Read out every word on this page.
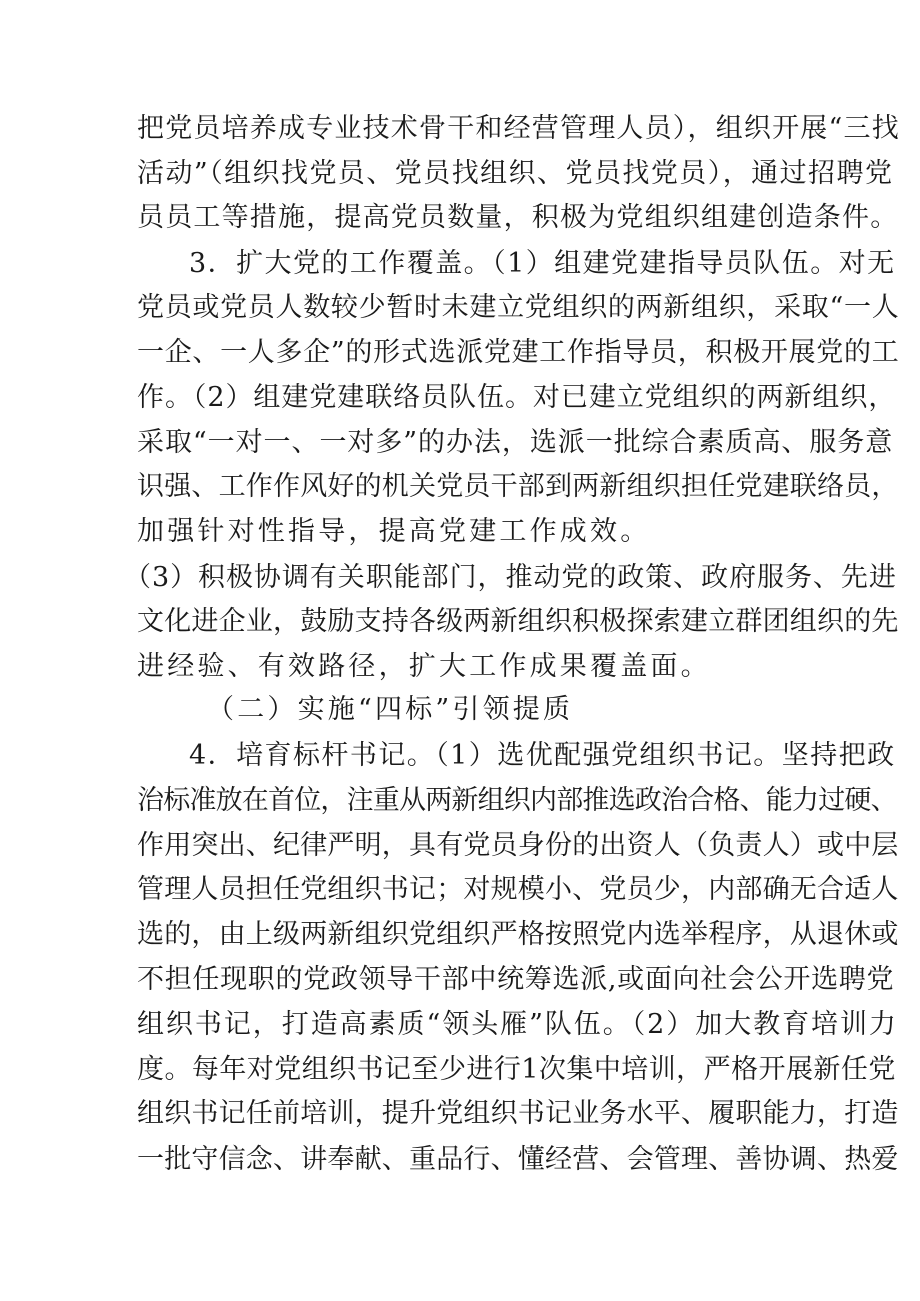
把党员培养成专业技术骨干和经营管理人员），组织开展“三找
活动”（组织找党员、党员找组织、党员找党员），通过招聘党
员员工等措施，提高党员数量，积极为党组织组建创造条件。
3．扩大党的工作覆盖。（1）组建党建指导员队伍。对无
党员或党员人数较少暂时未建立党组织的两新组织，采取“一人
一企、一人多企”的形式选派党建工作指导员，积极开展党的工
作。（2）组建党建联络员队伍。对已建立党组织的两新组织，
采取“一对一、一对多”的办法，选派一批综合素质高、服务意
识强、工作作风好的机关党员干部到两新组织担任党建联络员，
加强针对性指导，提高党建工作成效。
（3）积极协调有关职能部门，推动党的政策、政府服务、先进
文化进企业，鼓励支持各级两新组织积极探索建立群团组织的先
进经验、有效路径，扩大工作成果覆盖面。
（二）实施“四标”引领提质
4．培育标杆书记。（1）选优配强党组织书记。坚持把政
治标准放在首位，注重从两新组织内部推选政治合格、能力过硬、
作用突出、纪律严明，具有党员身份的出资人（负责人）或中层
管理人员担任党组织书记；对规模小、党员少，内部确无合适人
选的，由上级两新组织党组织严格按照党内选举程序，从退休或
不担任现职的党政领导干部中统筹选派,或面向社会公开选聘党
组织书记，打造高素质“领头雁”队伍。（2）加大教育培训力
度。每年对党组织书记至少进行1次集中培训，严格开展新任党
组织书记任前培训，提升党组织书记业务水平、履职能力，打造
一批守信念、讲奉献、重品行、懂经营、会管理、善协调、热爱
